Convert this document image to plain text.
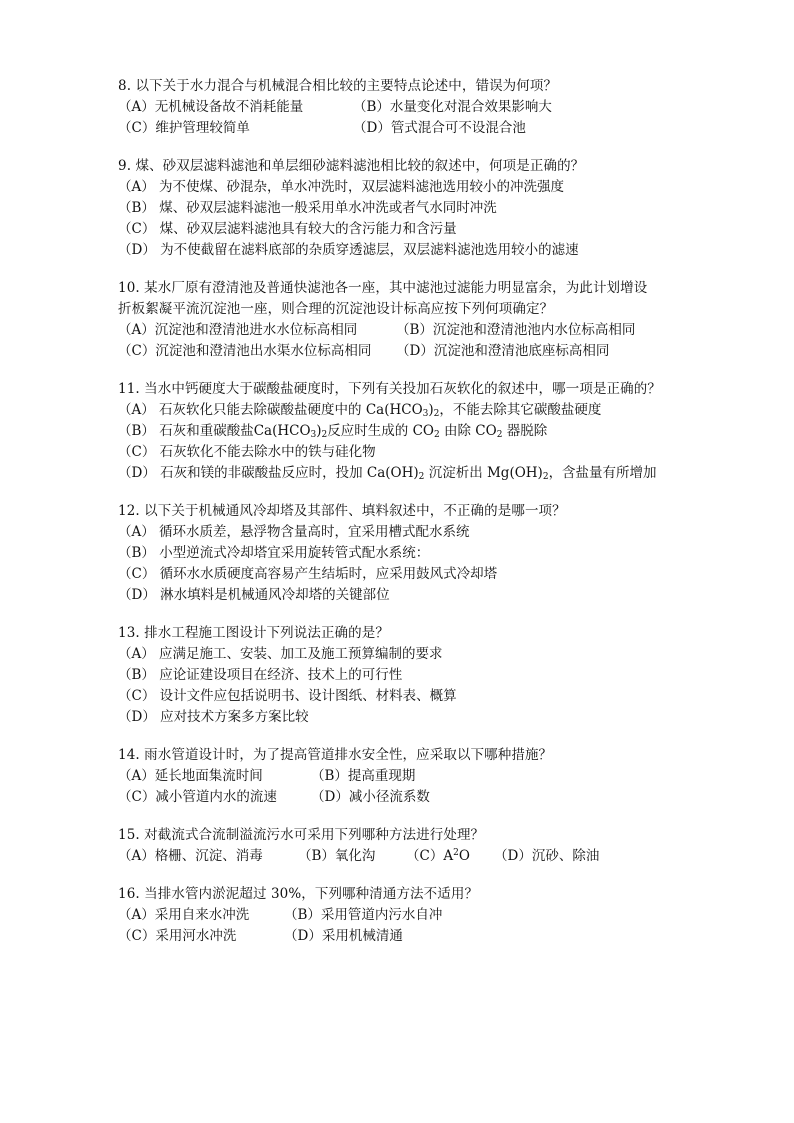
8. 以下关于水力混合与机械混合相比较的主要特点论述中，错误为何项？
（A）无机械设备故不消耗能量	（B）水量变化对混合效果影响大
（C）维护管理较简单	（D）管式混合可不设混合池
9. 煤、砂双层滤料滤池和单层细砂滤料滤池相比较的叙述中，何项是正确的？
（A） 为不使煤、砂混杂，单水冲洗时，双层滤料滤池选用较小的冲洗强度
（B） 煤、砂双层滤料滤池一般采用单水冲洗或者气水同时冲洗
（C） 煤、砂双层滤料滤池具有较大的含污能力和含污量
（D） 为不使截留在滤料底部的杂质穿透滤层，双层滤料滤池选用较小的滤速
10. 某水厂原有澄清池及普通快滤池各一座，其中滤池过滤能力明显富余，为此计划增设
折板絮凝平流沉淀池一座，则合理的沉淀池设计标高应按下列何项确定？
（A）沉淀池和澄清池进水水位标高相同	（B）沉淀池和澄清池池内水位标高相同
（C）沉淀池和澄清池出水渠水位标高相同	（D）沉淀池和澄清池底座标高相同
11. 当水中钙硬度大于碳酸盐硬度时，下列有关投加石灰软化的叙述中，哪一项是正确的？
（A） 石灰软化只能去除碳酸盐硬度中的 $Ca(HCO_3)_2$，不能去除其它碳酸盐硬度
（B） 石灰和重碳酸盐$Ca(HCO_3)_2$反应时生成的 $CO_2$ 由除 $CO_2$ 器脱除
（C） 石灰软化不能去除水中的铁与硅化物
（D） 石灰和镁的非碳酸盐反应时，投加 $Ca(OH)_2$ 沉淀析出 $Mg(OH)_2$，含盐量有所增加
12. 以下关于机械通风冷却塔及其部件、填料叙述中，不正确的是哪一项？
（A） 循环水质差，悬浮物含量高时，宜采用槽式配水系统
（B） 小型逆流式冷却塔宜采用旋转管式配水系统：
（C） 循环水水质硬度高容易产生结垢时，应采用鼓风式冷却塔
（D） 淋水填料是机械通风冷却塔的关键部位
13. 排水工程施工图设计下列说法正确的是？
（A） 应满足施工、安装、加工及施工预算编制的要求
（B） 应论证建设项目在经济、技术上的可行性
（C） 设计文件应包括说明书、设计图纸、材料表、概算
（D） 应对技术方案多方案比较
14. 雨水管道设计时，为了提高管道排水安全性，应采取以下哪种措施？
（A）延长地面集流时间	（B）提高重现期
（C）减小管道内水的流速	（D）减小径流系数
15. 对截流式合流制溢流污水可采用下列哪种方法进行处理？
（A）格栅、沉淀、消毒	（B）氧化沟	$(C)A^2O$	（D）沉砂、除油
16. 当排水管内淤泥超过 30%，下列哪种清通方法不适用？
（A）采用自来水冲洗	（B）采用管道内污水自冲
（C）采用河水冲洗	（D）采用机械清通
